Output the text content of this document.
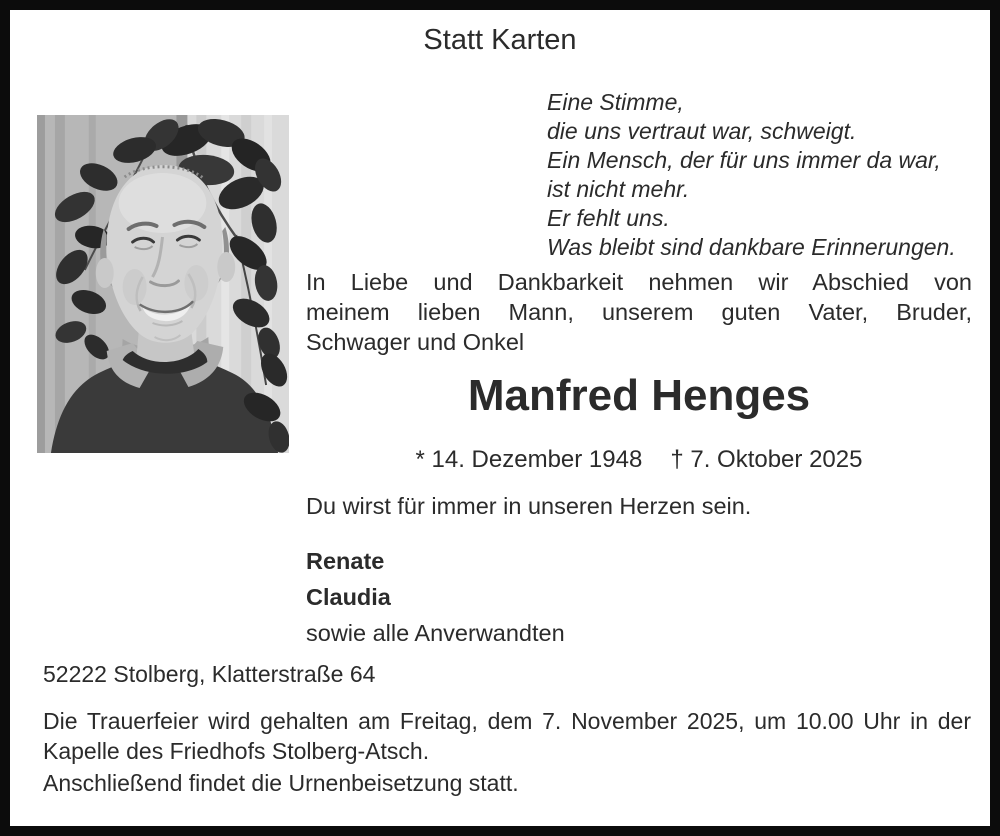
Statt Karten
Eine Stimme,
die uns vertraut war, schweigt.
Ein Mensch, der für uns immer da war,
ist nicht mehr.
Er fehlt uns.
Was bleibt sind dankbare Erinnerungen.
In Liebe und Dankbarkeit nehmen wir Abschied von
meinem lieben Mann, unserem guten Vater, Bruder,
Schwager und Onkel
Manfred Henges
* 14. Dezember 1948 † 7. Oktober 2025
Du wirst für immer in unseren Herzen sein.
Renate
Claudia
sowie alle Anverwandten
52222 Stolberg, Klatterstraße 64
Die Trauerfeier wird gehalten am Freitag, dem 7. November 2025, um 10.00 Uhr in der
Kapelle des Friedhofs Stolberg-Atsch.
Anschließend findet die Urnenbeisetzung statt.
